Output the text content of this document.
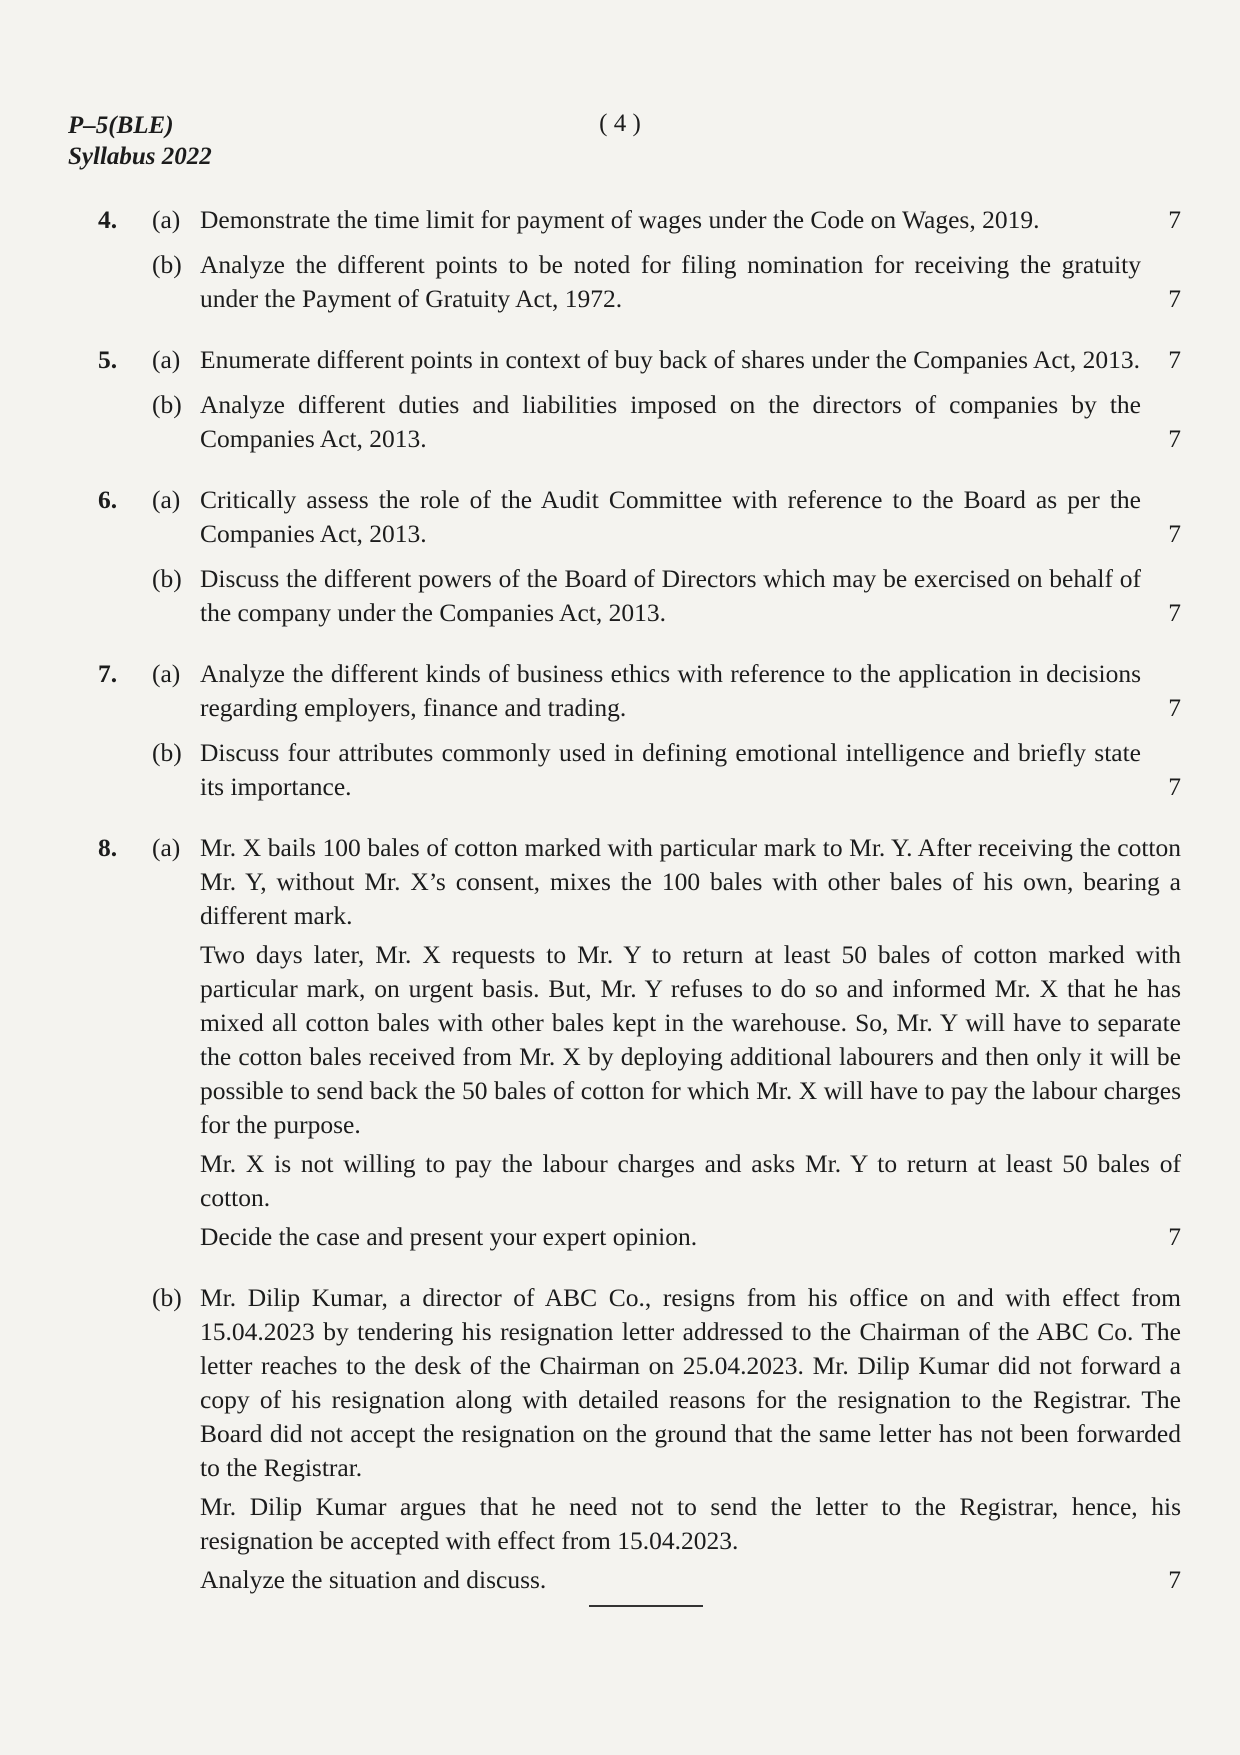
P–5(BLE)
Syllabus 2022
( 4 )
4.	(a) Demonstrate the time limit for payment of wages under the Code on Wages, 2019.	7

(b) Analyze the different points to be noted for filing nomination for receiving the gratuity under the Payment of Gratuity Act, 1972.	7

5.	(a) Enumerate different points in context of buy back of shares under the Companies Act, 2013. 7

(b) Analyze different duties and liabilities imposed on the directors of companies by the Companies Act, 2013.	7

6.	(a) Critically assess the role of the Audit Committee with reference to the Board as per the Companies Act, 2013.	7

(b) Discuss the different powers of the Board of Directors which may be exercised on behalf of the company under the Companies Act, 2013.	7

7.	(a) Analyze the different kinds of business ethics with reference to the application in decisions regarding employers, finance and trading.	7

(b) Discuss four attributes commonly used in defining emotional intelligence and briefly state its importance.	7

8.	(a) Mr. X bails 100 bales of cotton marked with particular mark to Mr. Y. After receiving the cotton Mr. Y, without Mr. X’s consent, mixes the 100 bales with other bales of his own, bearing a different mark.

Two days later, Mr. X requests to Mr. Y to return at least 50 bales of cotton marked with particular mark, on urgent basis. But, Mr. Y refuses to do so and informed Mr. X that he has mixed all cotton bales with other bales kept in the warehouse. So, Mr. Y will have to separate the cotton bales received from Mr. X by deploying additional labourers and then only it will be possible to send back the 50 bales of cotton for which Mr. X will have to pay the labour charges for the purpose.

Mr. X is not willing to pay the labour charges and asks Mr. Y to return at least 50 bales of cotton.

Decide the case and present your expert opinion.	7

(b) Mr. Dilip Kumar, a director of ABC Co., resigns from his office on and with effect from 15.04.2023 by tendering his resignation letter addressed to the Chairman of the ABC Co. The letter reaches to the desk of the Chairman on 25.04.2023. Mr. Dilip Kumar did not forward a copy of his resignation along with detailed reasons for the resignation to the Registrar. The Board did not accept the resignation on the ground that the same letter has not been forwarded to the Registrar.

Mr. Dilip Kumar argues that he need not to send the letter to the Registrar, hence, his resignation be accepted with effect from 15.04.2023.

Analyze the situation and discuss.	7
